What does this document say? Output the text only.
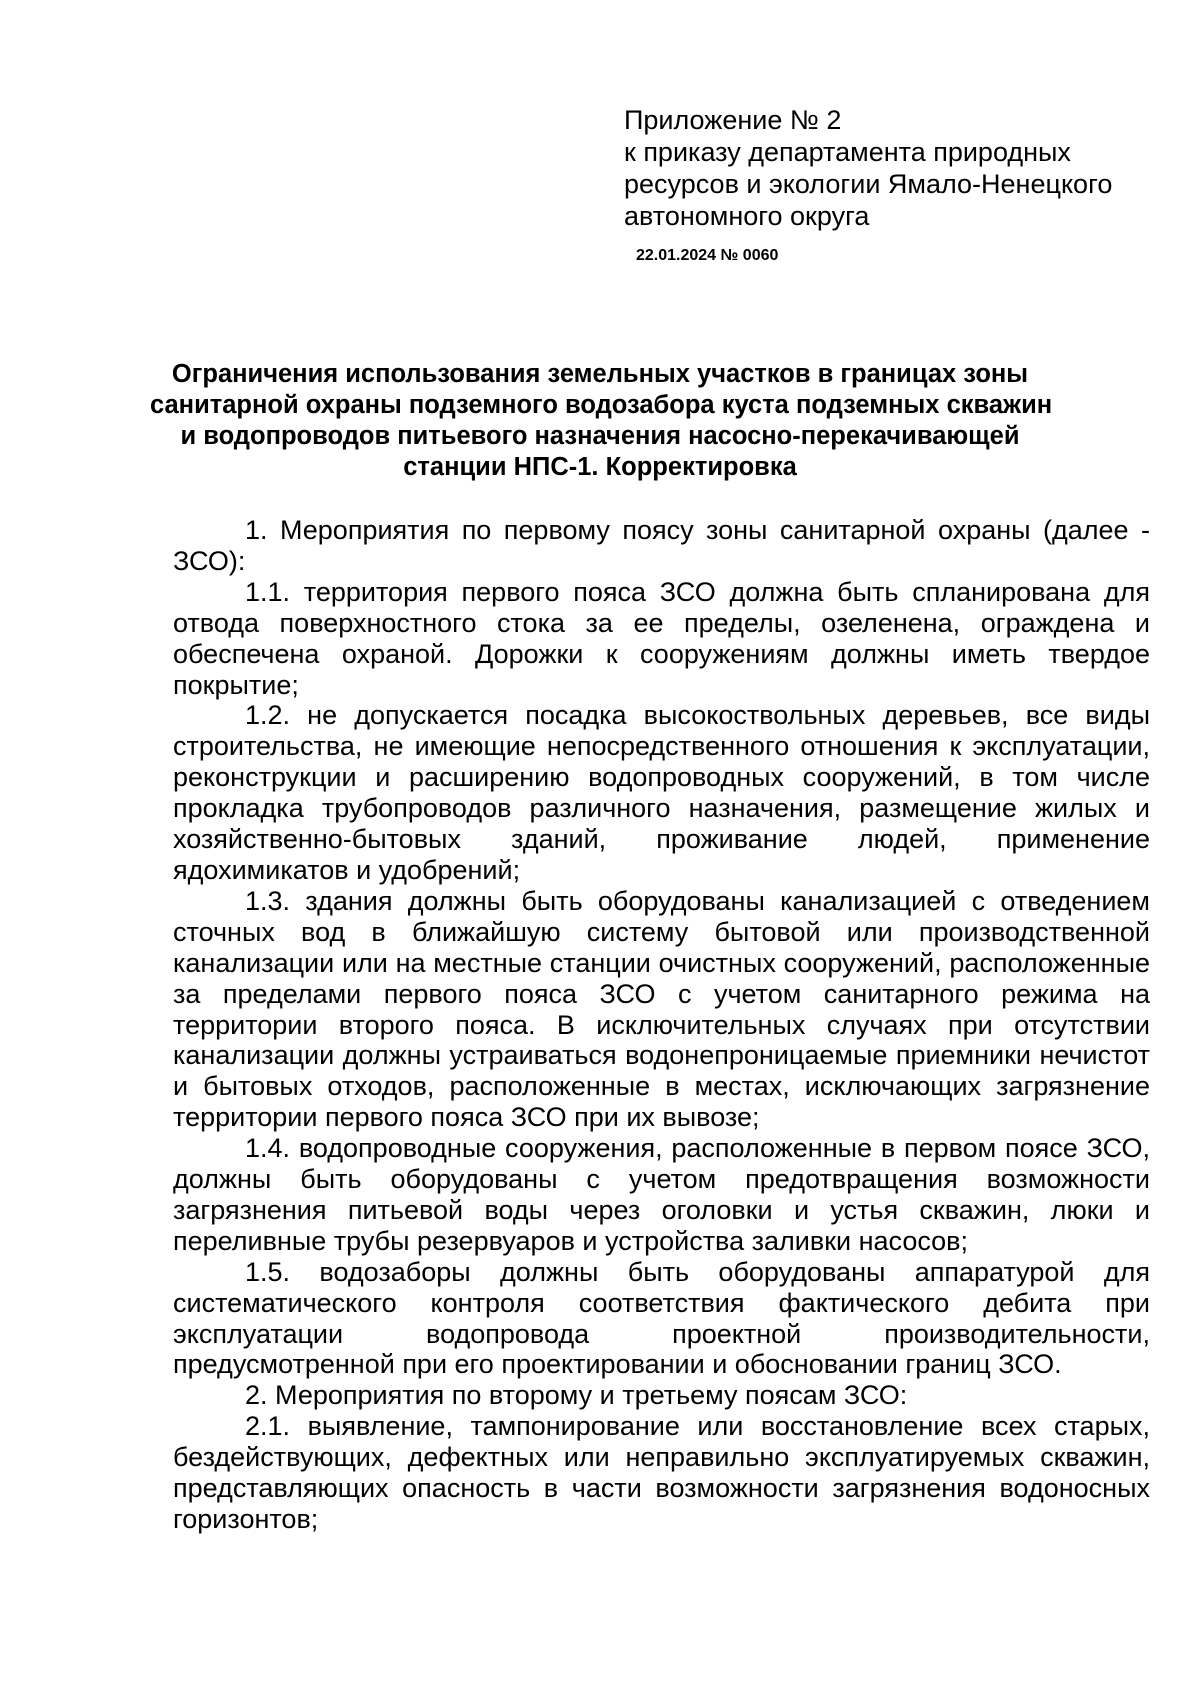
Приложение № 2
к приказу департамента природных
ресурсов и экологии Ямало-Ненецкого
автономного округа
22.01.2024 № 0060
Ограничения использования земельных участков в границах зоны
санитарной охраны подземного водозабора куста подземных скважин
и водопроводов питьевого назначения насосно-перекачивающей
станции НПС-1. Корректировка

1. Мероприятия по первому поясу зоны санитарной охраны (далее - ЗСО):

1.1. территория первого пояса ЗСО должна быть спланирована для отвода поверхностного стока за ее пределы, озеленена, ограждена и обеспечена охраной. Дорожки к сооружениям должны иметь твердое покрытие;

1.2. не допускается посадка высокоствольных деревьев, все виды строительства, не имеющие непосредственного отношения к эксплуатации, реконструкции и расширению водопроводных сооружений, в том числе прокладка трубопроводов различного назначения, размещение жилых и хозяйственно-бытовых зданий, проживание людей, применение ядохимикатов и удобрений;

1.3. здания должны быть оборудованы канализацией с отведением сточных вод в ближайшую систему бытовой или производственной канализации или на местные станции очистных сооружений, расположенные за пределами первого пояса ЗСО с учетом санитарного режима на территории второго пояса. В исключительных случаях при отсутствии канализации должны устраиваться водонепроницаемые приемники нечистот и бытовых отходов, расположенные в местах, исключающих загрязнение территории первого пояса ЗСО при их вывозе;

1.4. водопроводные сооружения, расположенные в первом поясе ЗСО, должны быть оборудованы с учетом предотвращения возможности загрязнения питьевой воды через оголовки и устья скважин, люки и переливные трубы резервуаров и устройства заливки насосов;

1.5. водозаборы должны быть оборудованы аппаратурой для систематического контроля соответствия фактического дебита при эксплуатации водопровода проектной производительности, предусмотренной при его проектировании и обосновании границ ЗСО.

2. Мероприятия по второму и третьему поясам ЗСО:

2.1. выявление, тампонирование или восстановление всех старых, бездействующих, дефектных или неправильно эксплуатируемых скважин, представляющих опасность в части возможности загрязнения водоносных горизонтов;
